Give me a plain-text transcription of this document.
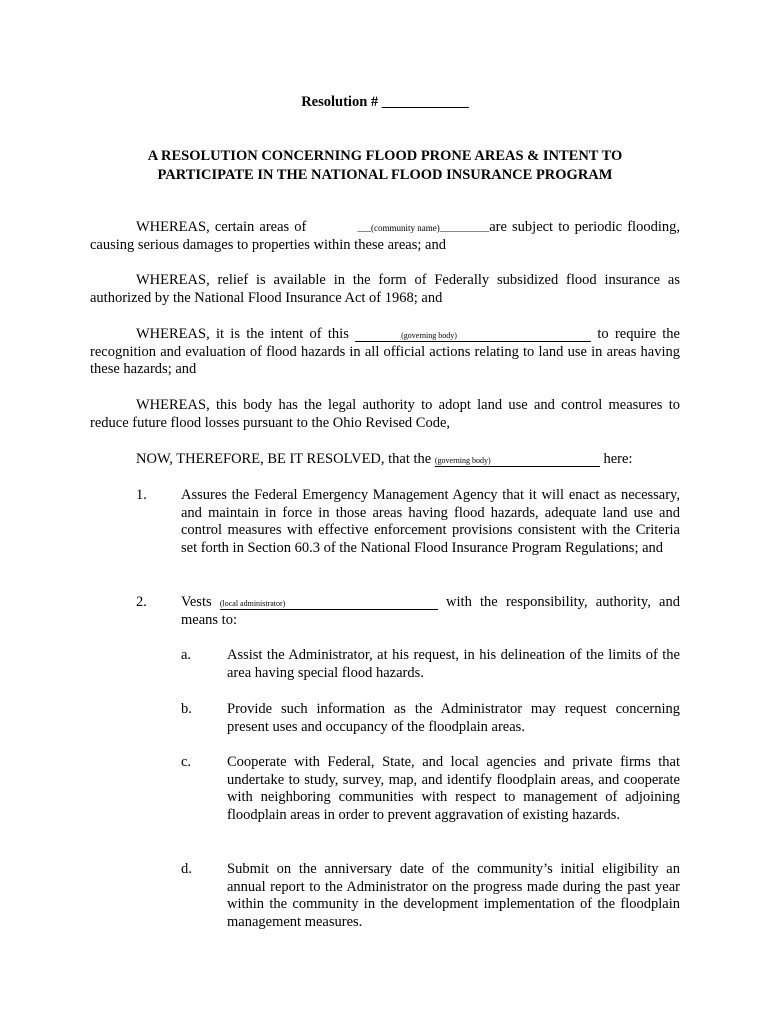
Resolution # ____________
A RESOLUTION CONCERNING FLOOD PRONE AREAS & INTENT TO
PARTICIPATE IN THE NATIONAL FLOOD INSURANCE PROGRAM
WHEREAS, certain areas of	___(community name)___________are subject to periodic flooding, causing serious damages to properties within these areas; and
WHEREAS, relief is available in the form of Federally subsidized flood insurance as authorized by the National Flood Insurance Act of 1968; and
WHEREAS, it is the intent of this	(governing body)	to require the recognition and evaluation of flood hazards in all official actions relating to land use in areas having these hazards; and
WHEREAS, this body has the legal authority to adopt land use and control measures to reduce future flood losses pursuant to the Ohio Revised Code,
NOW, THEREFORE, BE IT RESOLVED, that the (governing body)	here:
1. Assures the Federal Emergency Management Agency that it will enact as necessary, and maintain in force in those areas having flood hazards, adequate land use and control measures with effective enforcement provisions consistent with the Criteria set forth in Section 60.3 of the National Flood Insurance Program Regulations; and
2. Vests (local administrator)	with the responsibility, authority, and means to:
a. Assist the Administrator, at his request, in his delineation of the limits of the area having special flood hazards.
b. Provide such information as the Administrator may request concerning present uses and occupancy of the floodplain areas.
c. Cooperate with Federal, State, and local agencies and private firms that undertake to study, survey, map, and identify floodplain areas, and cooperate with neighboring communities with respect to management of adjoining floodplain areas in order to prevent aggravation of existing hazards.
d. Submit on the anniversary date of the community’s initial eligibility an annual report to the Administrator on the progress made during the past year within the community in the development implementation of the floodplain management measures.
